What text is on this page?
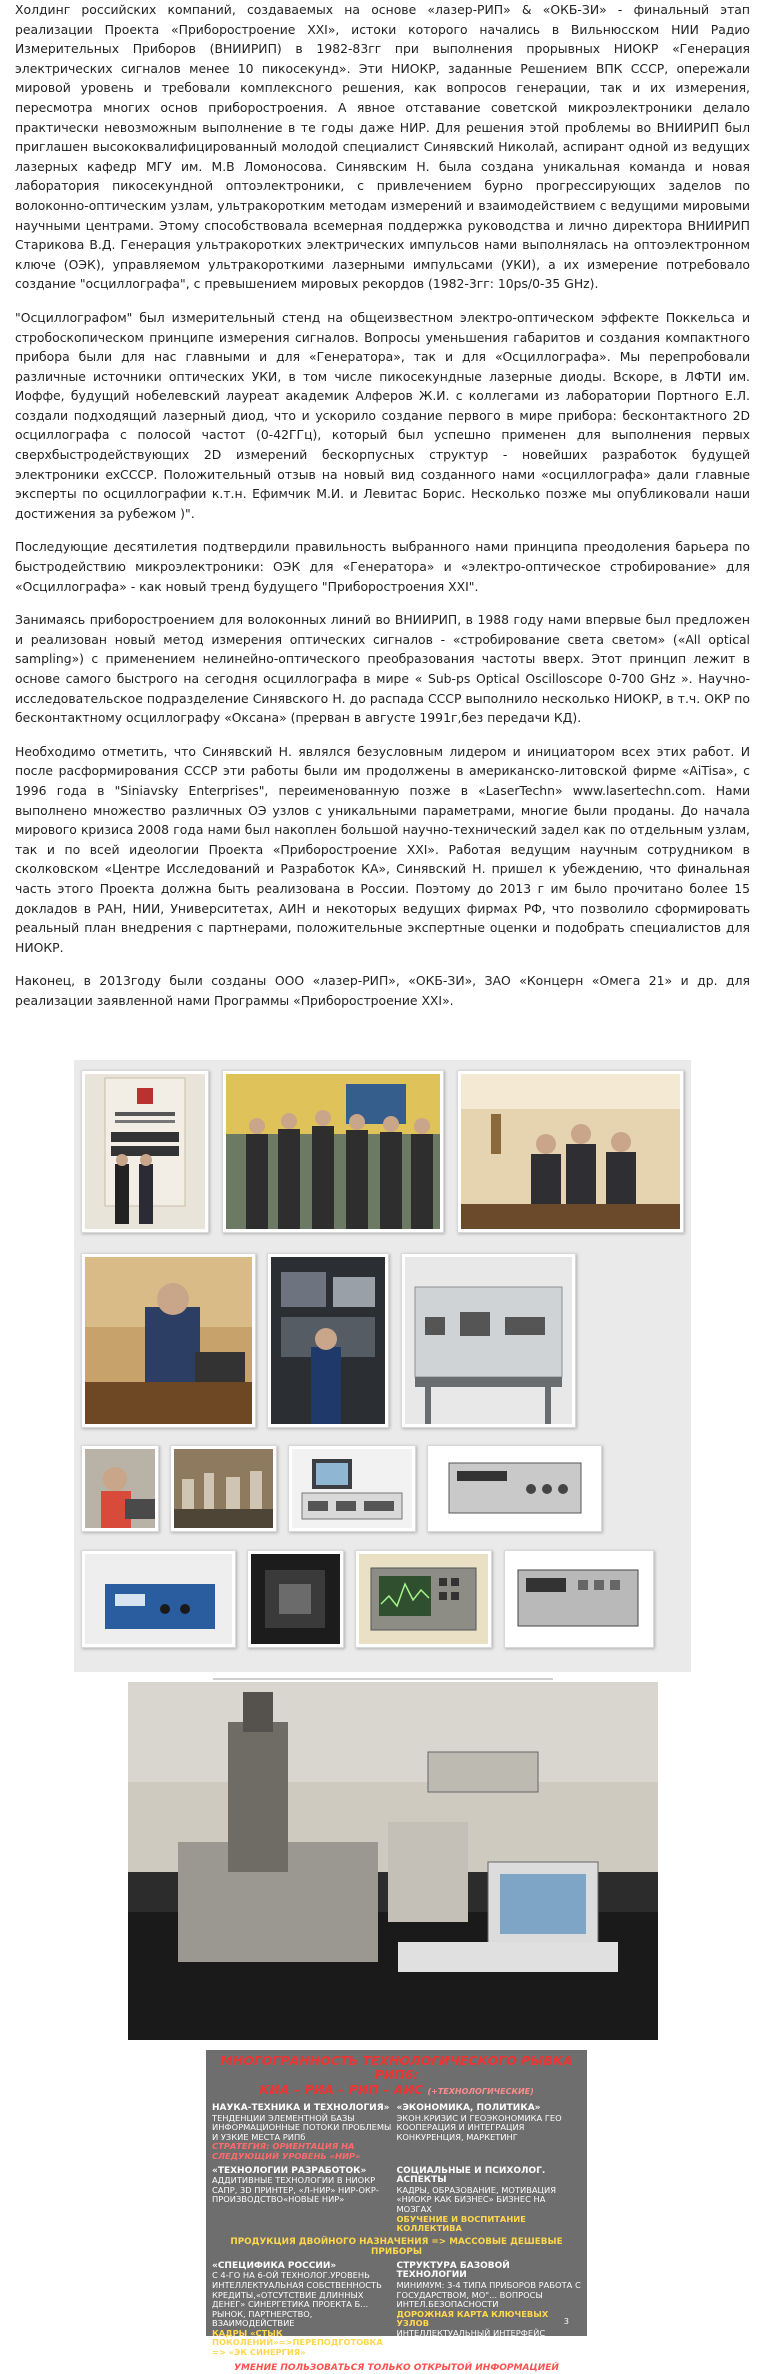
Холдинг российских компаний, создаваемых на основе «лазер-РИП» & «ОКБ-ЗИ» - финальный этап реализации Проекта «Приборостроение XXI», истоки которого начались в Вильнюсском НИИ Радио Измерительных Приборов (ВНИИРИП) в 1982-83гг при выполнения прорывных НИОКР «Генерация электрических сигналов менее 10 пикосекунд». Эти НИОКР, заданные Решением ВПК СССР, опережали мировой уровень и требовали комплексного решения, как вопросов генерации, так и их измерения, пересмотра многих основ приборостроения. А явное отставание советской микроэлектроники делало практически невозможным выполнение в те годы даже НИР. Для решения этой проблемы во ВНИИРИП был приглашен высококвалифицированный молодой специалист Синявский Николай, аспирант одной из ведущих лазерных кафедр МГУ им. М.В Ломоносова. Синявским Н. была создана уникальная команда и новая лаборатория пикосекундной оптоэлектроники, с привлечением бурно прогрессирующих заделов по волоконно-оптическим узлам, ультракоротким методам измерений и взаимодействием с ведущими мировыми научными центрами. Этому способствовала всемерная поддержка руководства и лично директора ВНИИРИП Старикова В.Д. Генерация ультракоротких электрических импульсов нами выполнялась на оптоэлектронном ключе (ОЭК), управляемом ультракороткими лазерными импульсами (УКИ), а их измерение потребовало создание "осциллографа", с превышением мировых рекордов (1982-3гг: 10ps/0-35 GHz).

"Осциллографом" был измерительный стенд на общеизвестном электро-оптическом эффекте Поккельса и стробоскопическом принципе измерения сигналов. Вопросы уменьшения габаритов и создания компактного прибора были для нас главными и для «Генератора», так и для «Осциллографа». Мы перепробовали различные источники оптических УКИ, в том числе пикосекундные лазерные диоды. Вскоре, в ЛФТИ им. Иоффе, будущий нобелевский лауреат академик Алферов Ж.И. с коллегами из лаборатории Портного Е.Л. создали подходящий лазерный диод, что и ускорило создание первого в мире прибора: бесконтактного 2D осциллографа с полосой частот (0-42ГГц), который был успешно применен для выполнения первых сверхбыстродействующих 2D измерений бескорпусных структур - новейших разработок будущей электроники exСССР. Положительный отзыв на новый вид созданного нами «осциллографа» дали главные эксперты по осциллографии к.т.н. Ефимчик М.И. и Левитас Борис. Несколько позже мы опубликовали наши достижения за рубежом )".

Последующие десятилетия подтвердили правильность выбранного нами принципа преодоления барьера по быстродействию микроэлектроники: ОЭК для «Генератора» и «электро-оптическое стробирование» для «Осциллографа» - как новый тренд будущего "Приборостроения XXI".

Занимаясь приборостроением для волоконных линий во ВНИИРИП, в 1988 году нами впервые был предложен и реализован новый метод измерения оптических сигналов - «стробирование света светом» («All optical sampling») с применением нелинейно-оптического преобразования частоты вверх. Этот принцип лежит в основе самого быстрого на сегодня осциллографа в мире « Sub-ps Optical Oscilloscope 0-700 GHz ». Научно-исследовательское подразделение Синявского Н. до распада СССР выполнило несколько НИОКР, в т.ч. ОКР по бесконтактному осциллографу «Оксана» (прерван в августе 1991г,без передачи КД).

Необходимо отметить, что Синявский Н. являлся безусловным лидером и инициатором всех этих работ. И после расформирования СССР эти работы были им продолжены в американско-литовской фирме «AiTisa», с 1996 года в "Siniavsky Enterprises", переименованную позже в «LaserTechn» www.lasertechn.com. Нами выполнено множество различных ОЭ узлов с уникальными параметрами, многие были проданы. До начала мирового кризиса 2008 года нами был накоплен большой научно-технический задел как по отдельным узлам, так и по всей идеологии Проекта «Приборостроение XXI». Работая ведущим научным сотрудником в сколковском «Центре Исследований и Разработок КА», Синявский Н. пришел к убеждению, что финальная часть этого Проекта должна быть реализована в России. Поэтому до 2013 г им было прочитано более 15 докладов в РАН, НИИ, Университетах, АИН и некоторых ведущих фирмах РФ, что позволило сформировать реальный план внедрения с партнерами, положительные экспертные оценки и подобрать специалистов для НИОКР.

Наконец, в 2013году были созданы ООО «лазер-РИП», «ОКБ-ЗИ», ЗАО «Концерн «Омега 21» и др. для реализации заявленной нами Программы «Приборостроение XXI».

МНОГОГРАННОСТЬ ТЕХНОЛОГИЧЕСКОГО РЫВКА РИП6:
КИА – РИА – РИП – АИС (+ТЕХНОЛОГИЧЕСКИЕ)
НАУКА-ТЕХНИКА И ТЕХНОЛОГИЯ»
ТЕНДЕНЦИИ ЭЛЕМЕНТНОЙ БАЗЫ ИНФОРМАЦИОННЫЕ ПОТОКИ ПРОБЛЕМЫ И УЗКИЕ МЕСТА РИПб
СТРАТЕГИЯ: ОРИЕНТАЦИЯ НА СЛЕДУЮЩИЙ УРОВЕНЬ «НИР»
«ЭКОНОМИКА, ПОЛИТИКА»
ЭКОН.КРИЗИС И ГЕОЭКОНОМИКА ГЕО КООПЕРАЦИЯ И ИНТЕГРАЦИЯ КОНКУРЕНЦИЯ, МАРКЕТИНГ
«ТЕХНОЛОГИИ РАЗРАБОТОК»
АДДИТИВНЫЕ ТЕХНОЛОГИИ В НИОКР САПР, 3D ПРИНТЕР, «Л-НИР» НИР-ОКР-ПРОИЗВОДСТВО«НОВЫЕ НИР»
СОЦИАЛЬНЫЕ И ПСИХОЛОГ. АСПЕКТЫ
КАДРЫ, ОБРАЗОВАНИЕ, МОТИВАЦИЯ «НИОКР КАК БИЗНЕС» БИЗНЕС НА МОЗГАХ
ОБУЧЕНИЕ И ВОСПИТАНИЕ КОЛЛЕКТИВА
ПРОДУКЦИЯ ДВОЙНОГО НАЗНАЧЕНИЯ => МАССОВЫЕ ДЕШЕВЫЕ ПРИБОРЫ
«СПЕЦИФИКА РОССИИ»
С 4-ГО НА 6-ОЙ ТЕХНОЛОГ.УРОВЕНЬ ИНТЕЛЛЕКТУАЛЬНАЯ СОБСТВЕННОСТЬ КРЕДИТЫ,«ОТСУТСТВИЕ ДЛИННЫХ ДЕНЕГ» СИНЕРГЕТИКА ПРОЕКТА Б... РЫНОК, ПАРТНЕРСТВО, ВЗАИМОДЕЙСТВИЕ
КАДРЫ «СТЫК ПОКОЛЕНИЙ»=>ПЕРЕПОДГОТОВКА => «ЭК СИНЕРГИЯ»
СТРУКТУРА БАЗОВОЙ ТЕХНОЛОГИИ
МИНИМУМ: 3-4 ТИПА ПРИБОРОВ РАБОТА С ГОСУДАРСТВОМ, МО"... ВОПРОСЫ ИНТЕЛ.БЕЗОПАСНОСТИ
ДОРОЖНАЯ КАРТА КЛЮЧЕВЫХ УЗЛОВ
ИНТЕЛЛЕКТУАЛЬНЫЙ ИНТЕРФЕЙС
УМЕНИЕ ПОЛЬЗОВАТЬСЯ ТОЛЬКО ОТКРЫТОЙ ИНФОРМАЦИЕЙ
3
